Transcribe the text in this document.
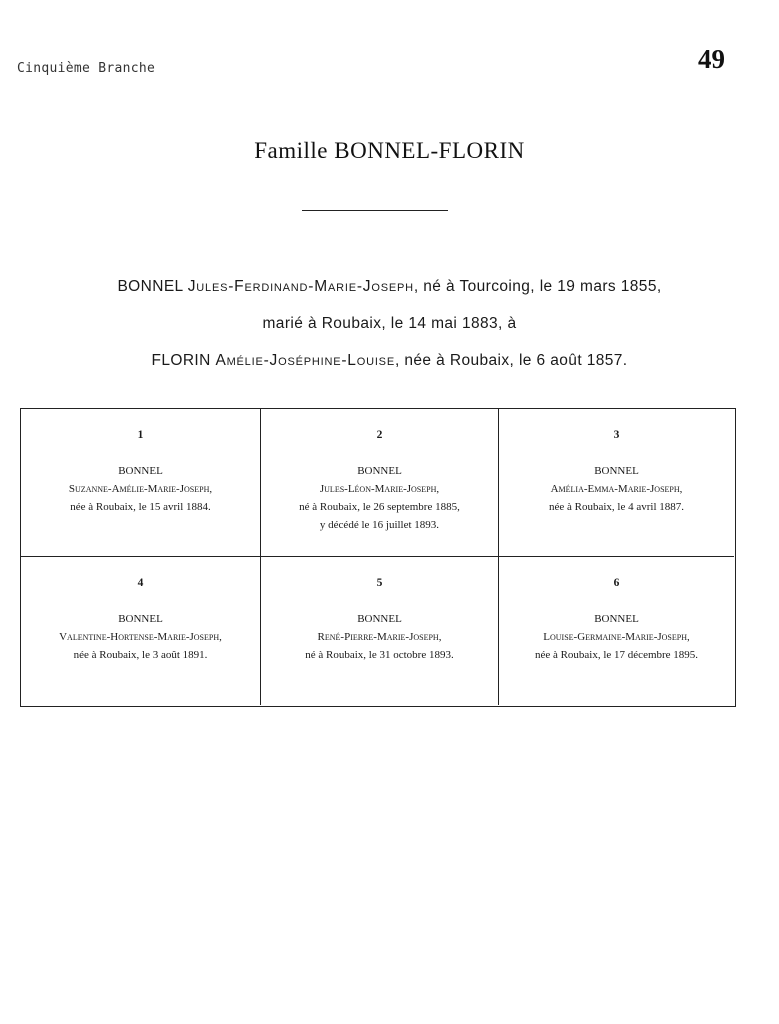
Cinquième Branche	49
Famille BONNEL-FLORIN
BONNEL Jules-Ferdinand-Marie-Joseph, né à Tourcoing, le 19 mars 1855,
marié à Roubaix, le 14 mai 1883, à
FLORIN Amélie-Joséphine-Louise, née à Roubaix, le 6 août 1857.
1
BONNEL
Suzanne-Amélie-Marie-Joseph,
née à Roubaix, le 15 avril 1884.
2
BONNEL
Jules-Léon-Marie-Joseph,
né à Roubaix, le 26 septembre 1885,
y décédé le 16 juillet 1893.
3
BONNEL
Amélia-Emma-Marie-Joseph,
née à Roubaix, le 4 avril 1887.
4
BONNEL
Valentine-Hortense-Marie-Joseph,
née à Roubaix, le 3 août 1891.
5
BONNEL
René-Pierre-Marie-Joseph,
né à Roubaix, le 31 octobre 1893.
6
BONNEL
Louise-Germaine-Marie-Joseph,
née à Roubaix, le 17 décembre 1895.
